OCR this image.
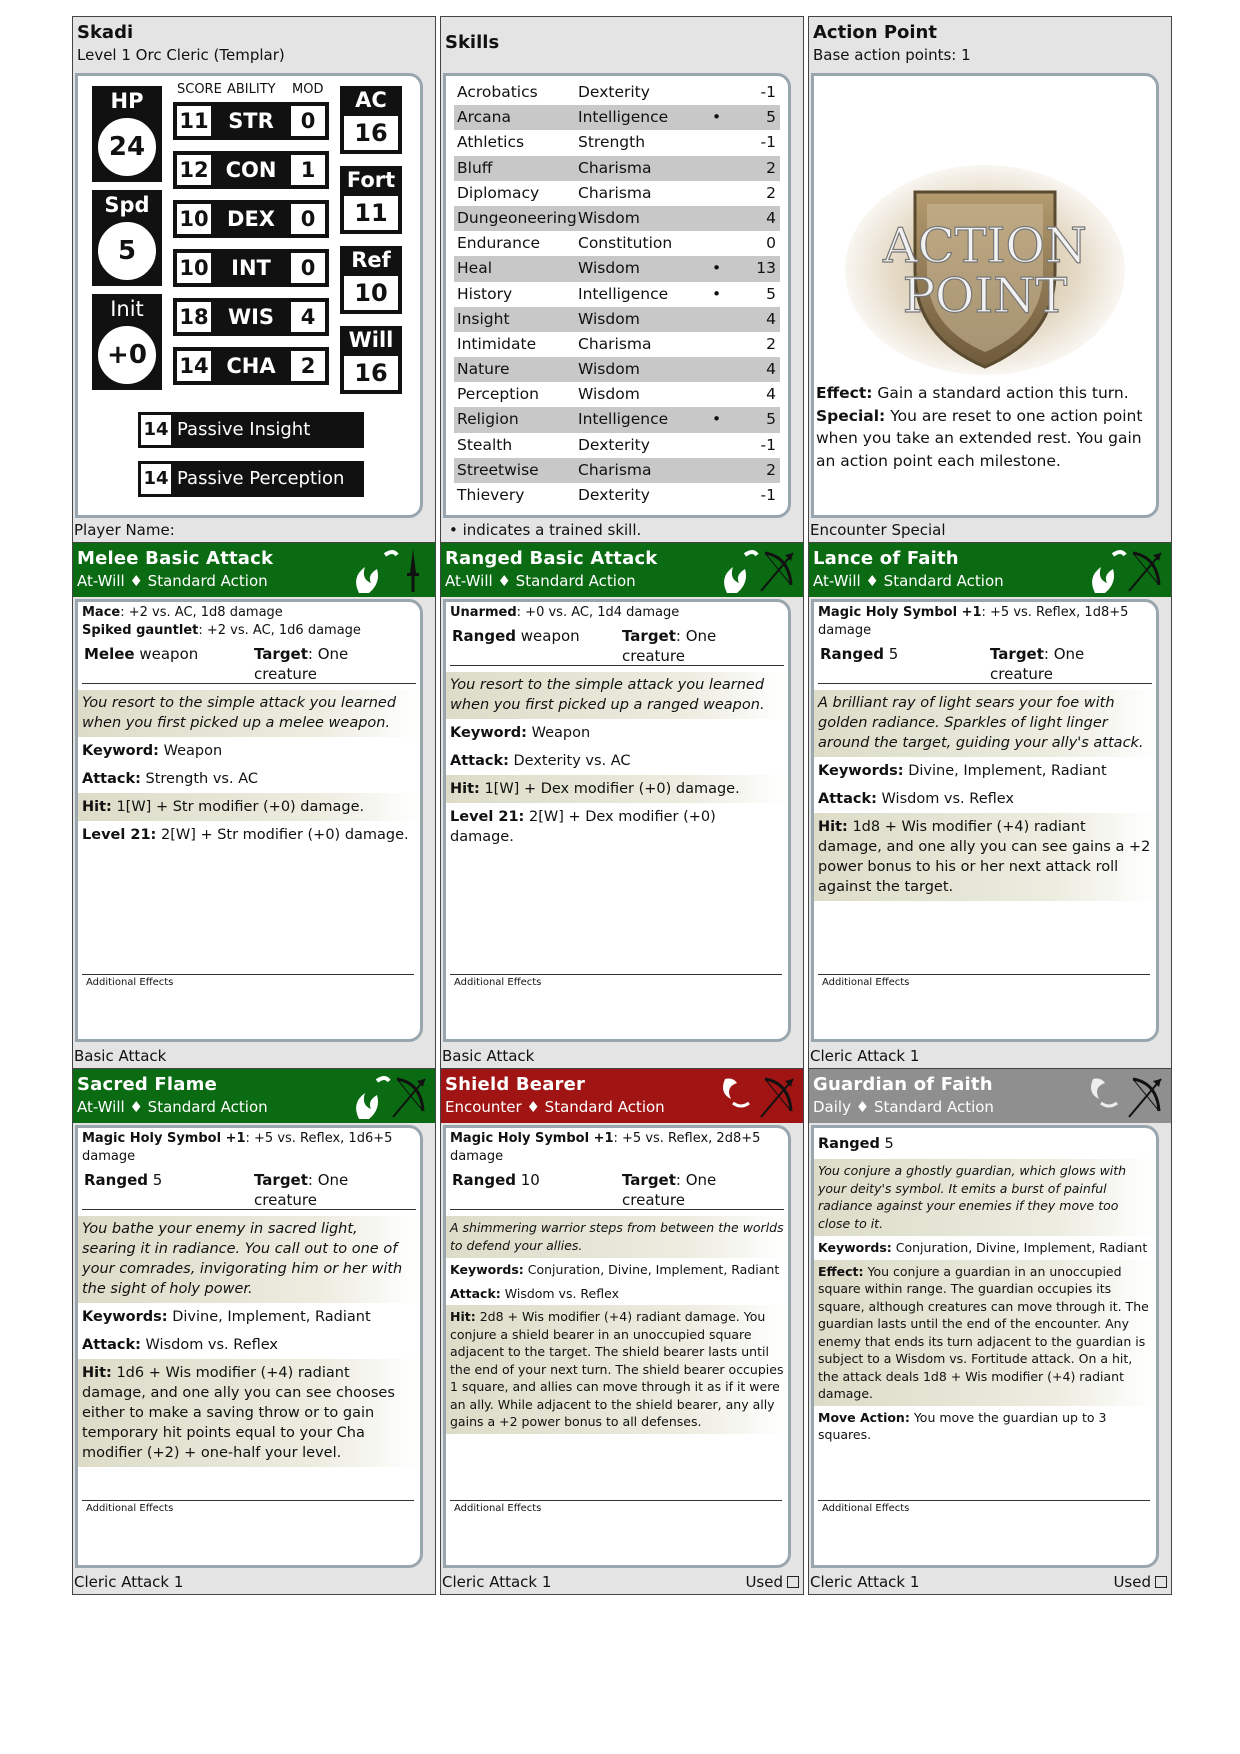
Skadi
Level 1 Orc Cleric (Templar)
HP
24
Spd
5
Init
+0
SCORE ABILITY MOD
11 STR	0
12 CON	1
10 DEX	0
10	INT	0
18 WIS	4
14 CHA	2
AC
16
Fort
11
Ref
10
Will
16
14 Passive Insight
14 Passive Perception
Player Name:
Skills
Acrobatics	Dexterity	-1
Arcana	Intelligence	•	5
Athletics	Strength	-1
Bluff	Charisma	2
Diplomacy	Charisma	2
Dungeoneering Wisdom	4
Endurance Constitution	0
Heal	Wisdom	• 13
History	Intelligence	•	5
Insight	Wisdom	4
Intimidate	Charisma	2
Nature	Wisdom	4
Perception	Wisdom	4
Religion	Intelligence	•	5
Stealth	Dexterity	-1
Streetwise	Charisma	2
Thievery	Dexterity	-1
• indicates a trained skill.
Action Point
Base action points: 1
ACTION
POINT
Effect: Gain a standard action this turn.
Special: You are reset to one action point when you take an extended rest. You gain an action point each milestone.
Encounter Special
Melee Basic Attack
At-Will ♦ Standard Action
Mace: +2 vs. AC, 1d8 damage
Spiked gauntlet: +2 vs. AC, 1d6 damage
Melee weapon	Target: One creature
You resort to the simple attack you learned when you first picked up a melee weapon.
Keyword: Weapon
Attack: Strength vs. AC
Hit: 1[W] + Str modifier (+0) damage.
Level 21: 2[W] + Str modifier (+0) damage.
Additional Effects
Basic Attack
Ranged Basic Attack
At-Will ♦ Standard Action
Unarmed: +0 vs. AC, 1d4 damage
Ranged weapon	Target: One creature
You resort to the simple attack you learned when you first picked up a ranged weapon.
Keyword: Weapon
Attack: Dexterity vs. AC
Hit: 1[W] + Dex modifier (+0) damage.
Level 21: 2[W] + Dex modifier (+0) damage.
Additional Effects
Basic Attack
Lance of Faith
At-Will ♦ Standard Action
Magic Holy Symbol +1: +5 vs. Reflex, 1d8+5 damage
Ranged 5	Target: One creature
A brilliant ray of light sears your foe with golden radiance. Sparkles of light linger around the target, guiding your ally's attack.
Keywords: Divine, Implement, Radiant
Attack: Wisdom vs. Reflex
Hit: 1d8 + Wis modifier (+4) radiant damage, and one ally you can see gains a +2 power bonus to his or her next attack roll against the target.
Additional Effects
Cleric Attack 1
Sacred Flame
At-Will ♦ Standard Action
Magic Holy Symbol +1: +5 vs. Reflex, 1d6+5 damage
Ranged 5	Target: One creature
You bathe your enemy in sacred light, searing it in radiance. You call out to one of your comrades, invigorating him or her with the sight of holy power.
Keywords: Divine, Implement, Radiant
Attack: Wisdom vs. Reflex
Hit: 1d6 + Wis modifier (+4) radiant damage, and one ally you can see chooses either to make a saving throw or to gain temporary hit points equal to your Cha modifier (+2) + one-half your level.
Additional Effects
Cleric Attack 1
Shield Bearer
Encounter ♦ Standard Action
Magic Holy Symbol +1: +5 vs. Reflex, 2d8+5 damage
Ranged 10	Target: One creature
A shimmering warrior steps from between the worlds to defend your allies.
Keywords: Conjuration, Divine, Implement, Radiant
Attack: Wisdom vs. Reflex
Hit: 2d8 + Wis modifier (+4) radiant damage. You conjure a shield bearer in an unoccupied square adjacent to the target. The shield bearer lasts until the end of your next turn. The shield bearer occupies 1 square, and allies can move through it as if it were an ally. While adjacent to the shield bearer, any ally gains a +2 power bonus to all defenses.
Additional Effects
Cleric Attack 1	Used
Guardian of Faith
Daily ♦ Standard Action
Ranged 5
You conjure a ghostly guardian, which glows with your deity's symbol. It emits a burst of painful radiance against your enemies if they move too close to it.
Keywords: Conjuration, Divine, Implement, Radiant
Effect: You conjure a guardian in an unoccupied square within range. The guardian occupies its square, although creatures can move through it. The guardian lasts until the end of the encounter. Any enemy that ends its turn adjacent to the guardian is subject to a Wisdom vs. Fortitude attack. On a hit, the attack deals 1d8 + Wis modifier (+4) radiant damage.
Move Action: You move the guardian up to 3 squares.
Additional Effects
Cleric Attack 1	Used
